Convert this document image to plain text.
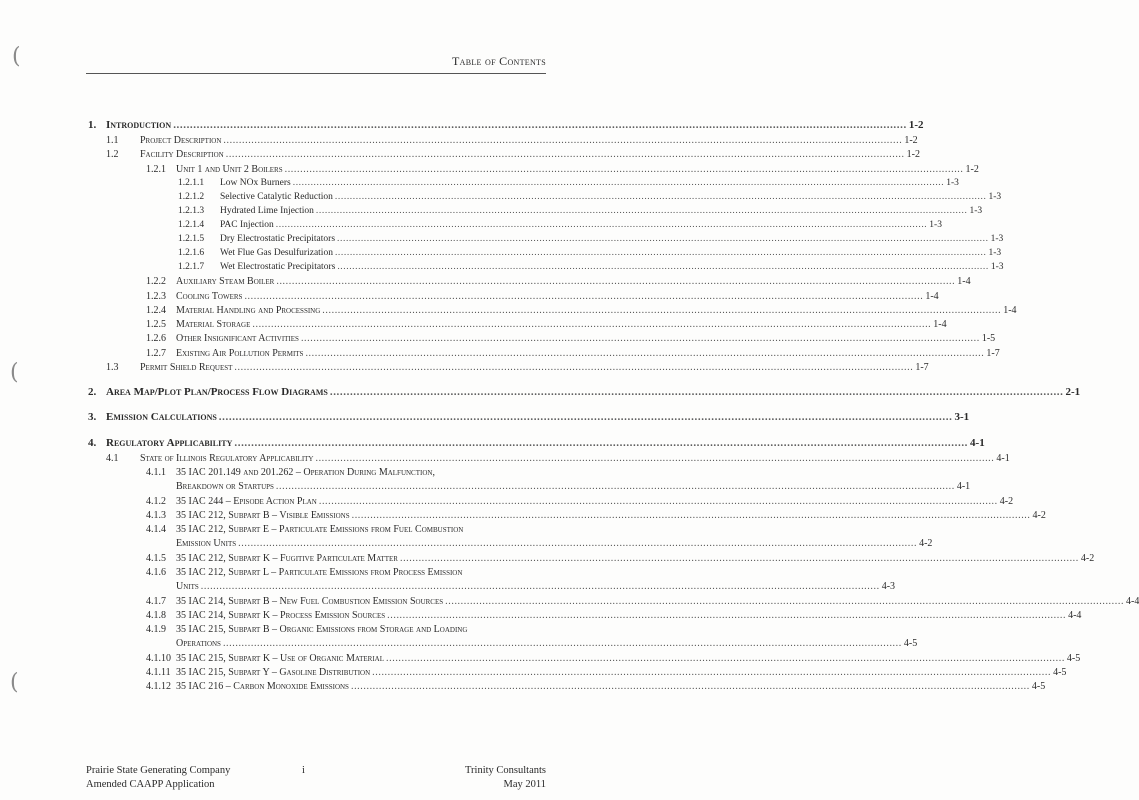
(
(
(
Table of Contents
1. Introduction ........................................................................................................................................................................................................................... 1-2
1.1 Project Description ........................................................................................................................................................................................................................... 1-2
1.2 Facility Description ........................................................................................................................................................................................................................... 1-2
1.2.1 Unit 1 and Unit 2 Boilers ........................................................................................................................................................................................................................... 1-2
1.2.1.1 Low NOx Burners ........................................................................................................................................................................................................................... 1-3
1.2.1.2 Selective Catalytic Reduction ........................................................................................................................................................................................................................... 1-3
1.2.1.3 Hydrated Lime Injection ........................................................................................................................................................................................................................... 1-3
1.2.1.4 PAC Injection ........................................................................................................................................................................................................................... 1-3
1.2.1.5 Dry Electrostatic Precipitators ........................................................................................................................................................................................................................... 1-3
1.2.1.6 Wet Flue Gas Desulfurization ........................................................................................................................................................................................................................... 1-3
1.2.1.7 Wet Electrostatic Precipitators ........................................................................................................................................................................................................................... 1-3
1.2.2 Auxiliary Steam Boiler ........................................................................................................................................................................................................................... 1-4
1.2.3 Cooling Towers ........................................................................................................................................................................................................................... 1-4
1.2.4 Material Handling and Processing ........................................................................................................................................................................................................................... 1-4
1.2.5 Material Storage ........................................................................................................................................................................................................................... 1-4
1.2.6 Other Insignificant Activities ........................................................................................................................................................................................................................... 1-5
1.2.7 Existing Air Pollution Permits ........................................................................................................................................................................................................................... 1-7
1.3 Permit Shield Request ........................................................................................................................................................................................................................... 1-7
2. Area Map/Plot Plan/Process Flow Diagrams ........................................................................................................................................................................................................................... 2-1
3. Emission Calculations ........................................................................................................................................................................................................................... 3-1
4. Regulatory Applicability ........................................................................................................................................................................................................................... 4-1
4.1 State of Illinois Regulatory Applicability ........................................................................................................................................................................................................................... 4-1
4.1.1 35 IAC 201.149 and 201.262 – Operation During Malfunction,
Breakdown or Startups ........................................................................................................................................................................................................................... 4-1
4.1.2 35 IAC 244 – Episode Action Plan ........................................................................................................................................................................................................................... 4-2
4.1.3 35 IAC 212, Subpart B – Visible Emissions ........................................................................................................................................................................................................................... 4-2
4.1.4 35 IAC 212, Subpart E – Particulate Emissions from Fuel Combustion
Emission Units ........................................................................................................................................................................................................................... 4-2
4.1.5 35 IAC 212, Subpart K – Fugitive Particulate Matter ........................................................................................................................................................................................................................... 4-2
4.1.6 35 IAC 212, Subpart L – Particulate Emissions from Process Emission
Units ........................................................................................................................................................................................................................... 4-3
4.1.7 35 IAC 214, Subpart B – New Fuel Combustion Emission Sources ........................................................................................................................................................................................................................... 4-4
4.1.8 35 IAC 214, Subpart K – Process Emission Sources ........................................................................................................................................................................................................................... 4-4
4.1.9 35 IAC 215, Subpart B – Organic Emissions from Storage and Loading
Operations ........................................................................................................................................................................................................................... 4-5
4.1.10 35 IAC 215, Subpart K – Use of Organic Material ........................................................................................................................................................................................................................... 4-5
4.1.11 35 IAC 215, Subpart Y – Gasoline Distribution ........................................................................................................................................................................................................................... 4-5
4.1.12 35 IAC 216 – Carbon Monoxide Emissions ........................................................................................................................................................................................................................... 4-5
Prairie State Generating Company
Amended CAAPP Application
i	Trinity Consultants
May 2011
